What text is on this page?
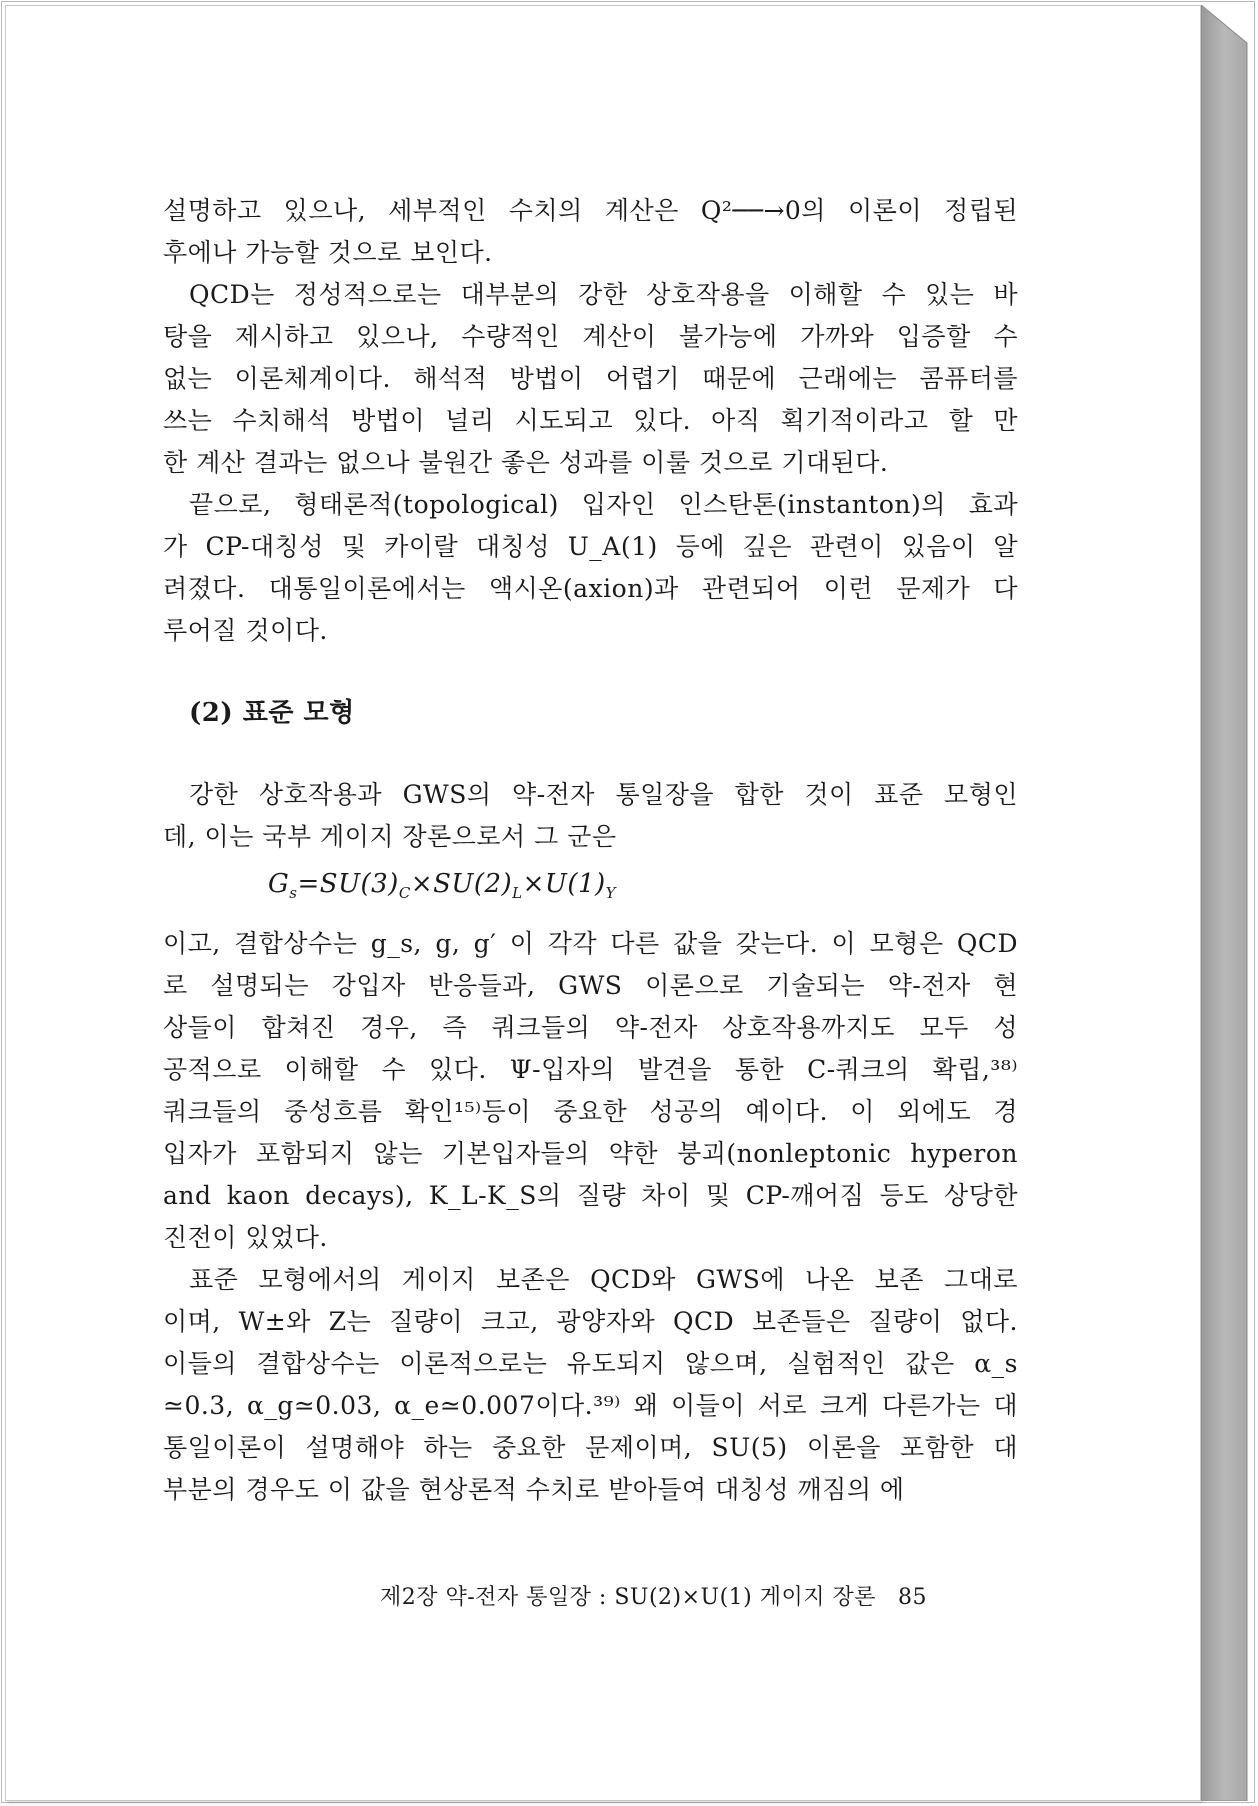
설명하고 있으나, 세부적인 수치의 계산은 Q²──→0의 이론이 정립된
후에나 가능할 것으로 보인다.
QCD는 정성적으로는 대부분의 강한 상호작용을 이해할 수 있는 바
탕을 제시하고 있으나, 수량적인 계산이 불가능에 가까와 입증할 수
없는 이론체계이다. 해석적 방법이 어렵기 때문에 근래에는 콤퓨터를
쓰는 수치해석 방법이 널리 시도되고 있다. 아직 획기적이라고 할 만
한 계산 결과는 없으나 불원간 좋은 성과를 이룰 것으로 기대된다.
끝으로, 형태론적(topological) 입자인 인스탄톤(instanton)의 효과
가 CP-대칭성 및 카이랄 대칭성 U_A(1) 등에 깊은 관련이 있음이 알
려졌다. 대통일이론에서는 액시온(axion)과 관련되어 이런 문제가 다
루어질 것이다.
(2) 표준 모형
강한 상호작용과 GWS의 약-전자 통일장을 합한 것이 표준 모형인
데, 이는 국부 게이지 장론으로서 그 군은
$G_s=SU(3)_C\times SU(2)_L\times U(1)_Y$
이고, 결합상수는 g_s, g, g′ 이 각각 다른 값을 갖는다. 이 모형은 QCD
로 설명되는 강입자 반응들과, GWS 이론으로 기술되는 약-전자 현
상들이 합쳐진 경우, 즉 쿼크들의 약-전자 상호작용까지도 모두 성
공적으로 이해할 수 있다. Ψ-입자의 발견을 통한 C-쿼크의 확립,³⁸⁾
쿼크들의 중성흐름 확인¹⁵⁾등이 중요한 성공의 예이다. 이 외에도 경
입자가 포함되지 않는 기본입자들의 약한 붕괴(nonleptonic hyperon
and kaon decays), K_L-K_S의 질량 차이 및 CP-깨어짐 등도 상당한
진전이 있었다.
표준 모형에서의 게이지 보존은 QCD와 GWS에 나온 보존 그대로
이며, W±와 Z는 질량이 크고, 광양자와 QCD 보존들은 질량이 없다.
이들의 결합상수는 이론적으로는 유도되지 않으며, 실험적인 값은 α_s
≃0.3, α_g≃0.03, α_e≃0.007이다.³⁹⁾ 왜 이들이 서로 크게 다른가는 대
통일이론이 설명해야 하는 중요한 문제이며, SU(5) 이론을 포함한 대
부분의 경우도 이 값을 현상론적 수치로 받아들여 대칭성 깨짐의 에
제2장 약-전자 통일장 : SU(2)×U(1) 게이지 장론 85
